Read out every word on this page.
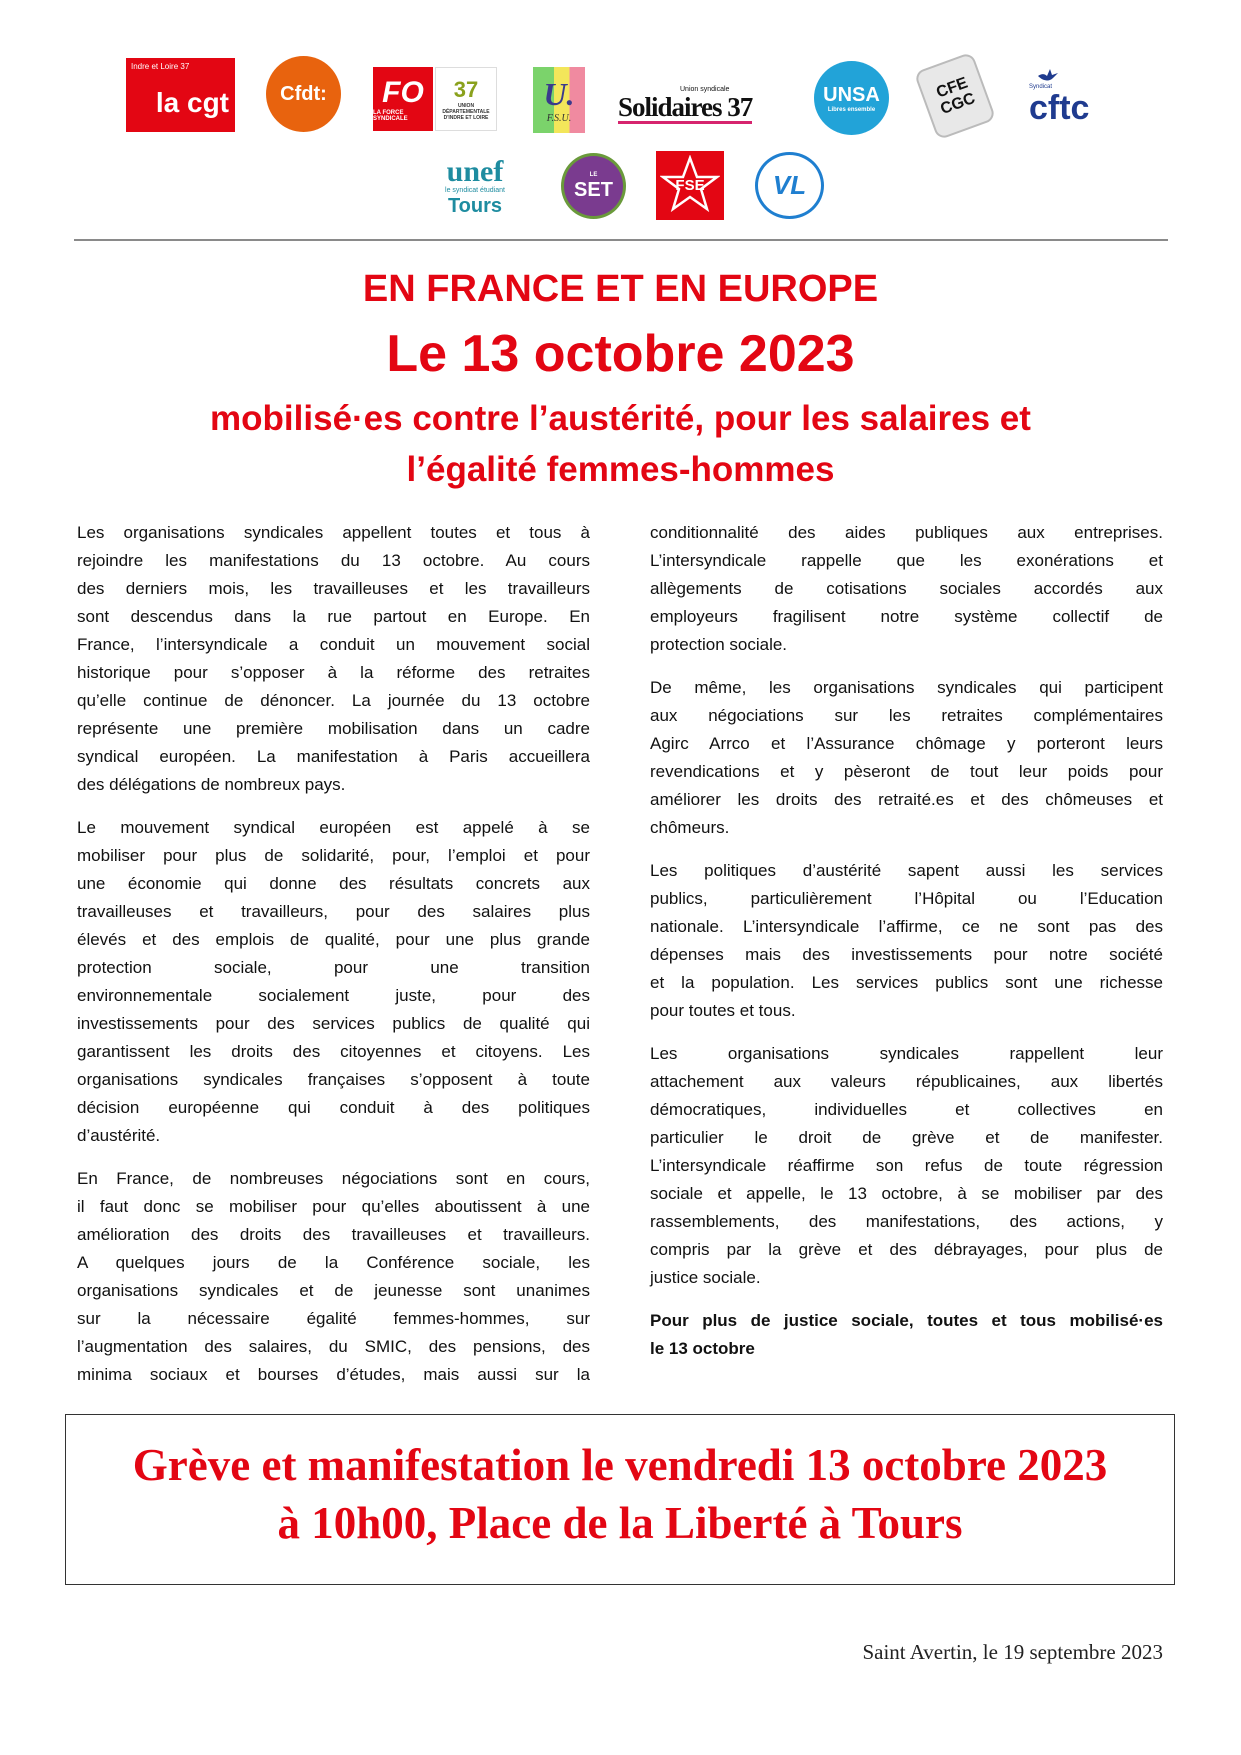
Indre et Loire 37
la cgt	Cfdt: FO
LA FORCE SYNDICALE
37
UNION DÉPARTEMENTALE D'INDRE ET LOIRE
U.
F.S.U.
Union syndicale
Solidaires 37	UNSA
Libres ensemble
CFE CGC
Syndicat
cftc
unef
le syndicat étudiant
Tours
LE
SET	FSE	VL
EN FRANCE ET EN EUROPE
Le 13 octobre 2023
mobilisé·es contre l’austérité, pour les salaires et
l’égalité femmes-hommes
Les organisations syndicales appellent toutes et tous à
rejoindre les manifestations du 13 octobre. Au cours
des derniers mois, les travailleuses et les travailleurs
sont descendus dans la rue partout en Europe. En
France, l’intersyndicale a conduit un mouvement social
historique pour s’opposer à la réforme des retraites
qu’elle continue de dénoncer. La journée du 13 octobre
représente une première mobilisation dans un cadre
syndical européen. La manifestation à Paris accueillera
des délégations de nombreux pays.
Le mouvement syndical européen est appelé à se
mobiliser pour plus de solidarité, pour, l’emploi et pour
une économie qui donne des résultats concrets aux
travailleuses et travailleurs, pour des salaires plus
élevés et des emplois de qualité, pour une plus grande
protection sociale, pour une transition
environnementale socialement juste, pour des
investissements pour des services publics de qualité qui
garantissent les droits des citoyennes et citoyens. Les
organisations syndicales françaises s’opposent à toute
décision européenne qui conduit à des politiques
d’austérité.
En France, de nombreuses négociations sont en cours,
il faut donc se mobiliser pour qu’elles aboutissent à une
amélioration des droits des travailleuses et travailleurs.
A quelques jours de la Conférence sociale, les
organisations syndicales et de jeunesse sont unanimes
sur la nécessaire égalité femmes-hommes, sur
l’augmentation des salaires, du SMIC, des pensions, des
minima sociaux et bourses d’études, mais aussi sur la
conditionnalité des aides publiques aux entreprises.
L’intersyndicale rappelle que les exonérations et
allègements de cotisations sociales accordés aux
employeurs fragilisent notre système collectif de
protection sociale.
De même, les organisations syndicales qui participent
aux négociations sur les retraites complémentaires
Agirc Arrco et l’Assurance chômage y porteront leurs
revendications et y pèseront de tout leur poids pour
améliorer les droits des retraité.es et des chômeuses et
chômeurs.
Les politiques d’austérité sapent aussi les services
publics, particulièrement l’Hôpital ou l’Education
nationale. L’intersyndicale l’affirme, ce ne sont pas des
dépenses mais des investissements pour notre société
et la population. Les services publics sont une richesse
pour toutes et tous.
Les organisations syndicales rappellent leur
attachement aux valeurs républicaines, aux libertés
démocratiques, individuelles et collectives en
particulier le droit de grève et de manifester.
L’intersyndicale réaffirme son refus de toute régression
sociale et appelle, le 13 octobre, à se mobiliser par des
rassemblements, des manifestations, des actions, y
compris par la grève et des débrayages, pour plus de
justice sociale.
Pour plus de justice sociale, toutes et tous mobilisé·es
le 13 octobre
Grève et manifestation le vendredi 13 octobre 2023
à 10h00, Place de la Liberté à Tours
Saint Avertin, le 19 septembre 2023
